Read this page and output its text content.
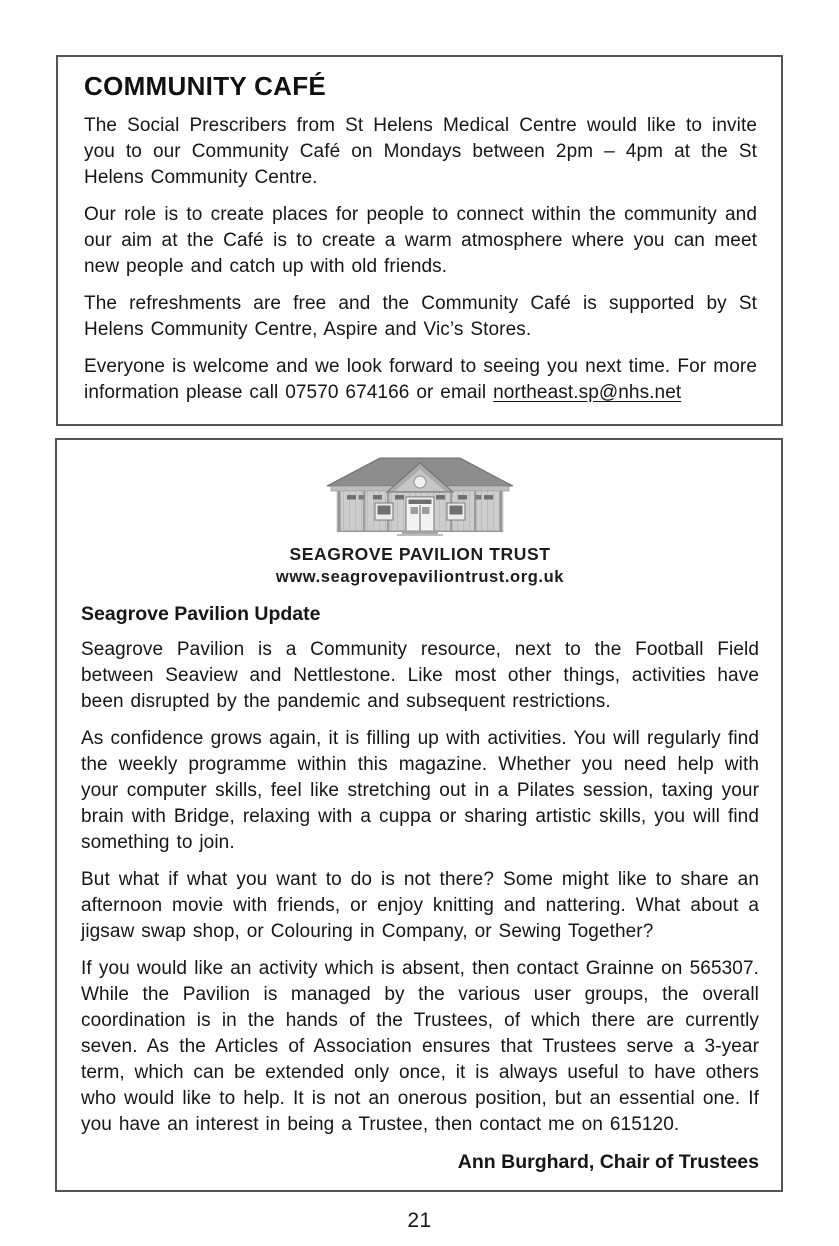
COMMUNITY CAFÉ

The Social Prescribers from St Helens Medical Centre would like to invite you to our Community Café on Mondays between 2pm – 4pm at the St Helens Community Centre.

Our role is to create places for people to connect within the community and our aim at the Café is to create a warm atmosphere where you can meet new people and catch up with old friends.

The refreshments are free and the Community Café is supported by St Helens Community Centre, Aspire and Vic’s Stores.

Everyone is welcome and we look forward to seeing you next time. For more information please call 07570 674166 or email northeast.sp@nhs.net

SEAGROVE PAVILION TRUST
www.seagrovepaviliontrust.org.uk
Seagrove Pavilion Update

Seagrove Pavilion is a Community resource, next to the Football Field between Seaview and Nettlestone. Like most other things, activities have been disrupted by the pandemic and subsequent restrictions.

As confidence grows again, it is filling up with activities. You will regularly find the weekly programme within this magazine. Whether you need help with your computer skills, feel like stretching out in a Pilates session, taxing your brain with Bridge, relaxing with a cuppa or sharing artistic skills, you will find something to join.

But what if what you want to do is not there? Some might like to share an afternoon movie with friends, or enjoy knitting and nattering. What about a jigsaw swap shop, or Colouring in Company, or Sewing Together?

If you would like an activity which is absent, then contact Grainne on 565307. While the Pavilion is managed by the various user groups, the overall coordination is in the hands of the Trustees, of which there are currently seven. As the Articles of Association ensures that Trustees serve a 3-year term, which can be extended only once, it is always useful to have others who would like to help. It is not an onerous position, but an essential one. If you have an interest in being a Trustee, then contact me on 615120.

Ann Burghard, Chair of Trustees
21
